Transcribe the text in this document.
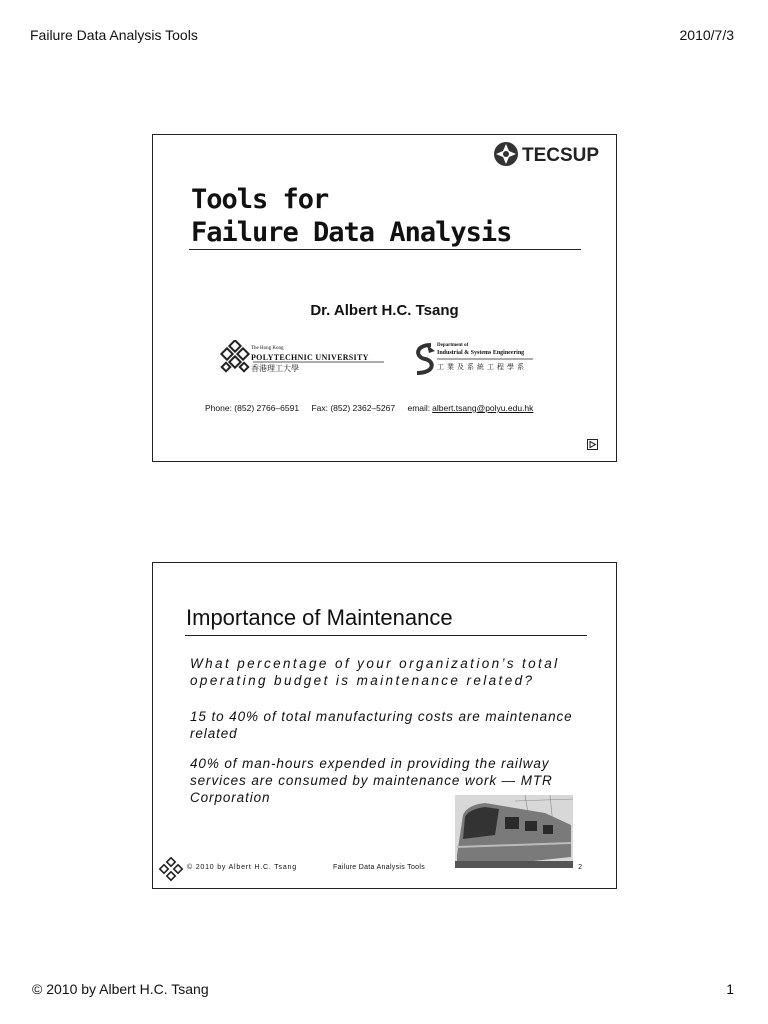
Failure Data Analysis Tools	2010/7/3
TECSUP
Tools for
Failure Data Analysis
Dr. Albert H.C. Tsang
The Hong Kong
POLYTECHNIC UNIVERSITY
香港理工大學
Department of
Industrial & Systems Engineering
工業及系統工程學系
Phone: (852) 2766–6591 Fax: (852) 2362–5267 email: albert.tsang@polyu.edu.hk
Importance of Maintenance
What percentage of your organization’s total operating budget is maintenance related?
15 to 40% of total manufacturing costs are maintenance related
40% of man-hours expended in providing the railway services are consumed by maintenance work — MTR Corporation
© 2010 by Albert H.C. Tsang	Failure Data Analysis Tools	2
© 2010 by Albert H.C. Tsang	1
